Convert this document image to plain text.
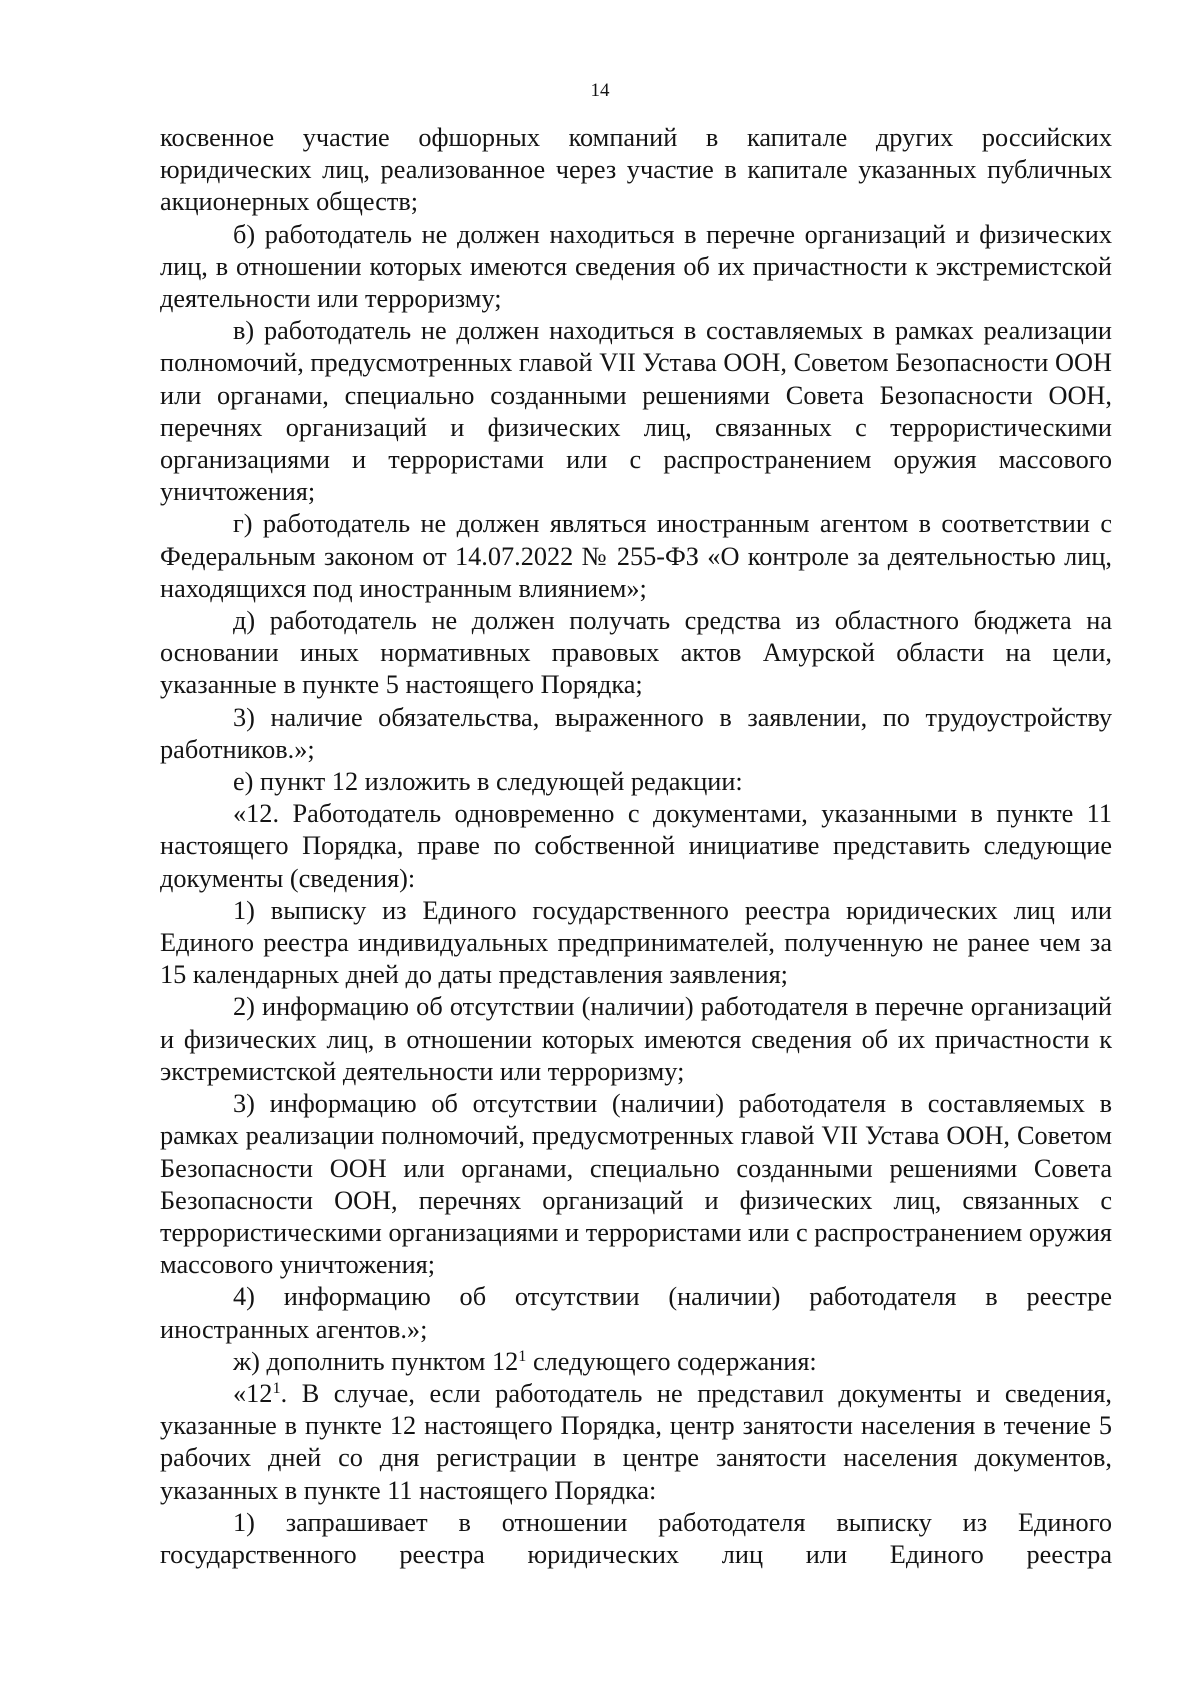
14

косвенное участие офшорных компаний в капитале других российских юридических лиц, реализованное через участие в капитале указанных публичных акционерных обществ;

б) работодатель не должен находиться в перечне организаций и физических лиц, в отношении которых имеются сведения об их причастности к экстремистской деятельности или терроризму;

в) работодатель не должен находиться в составляемых в рамках реализации полномочий, предусмотренных главой VII Устава ООН, Советом Безопасности ООН или органами, специально созданными решениями Совета Безопасности ООН, перечнях организаций и физических лиц, связанных с террористическими организациями и террористами или с распространением оружия массового уничтожения;

г) работодатель не должен являться иностранным агентом в соответствии с Федеральным законом от 14.07.2022 № 255-ФЗ «О контроле за деятельностью лиц, находящихся под иностранным влиянием»;

д) работодатель не должен получать средства из областного бюджета на основании иных нормативных правовых актов Амурской области на цели, указанные в пункте 5 настоящего Порядка;

3) наличие обязательства, выраженного в заявлении, по трудоустройству работников.»;

е) пункт 12 изложить в следующей редакции:

«12. Работодатель одновременно с документами, указанными в пункте 11 настоящего Порядка, праве по собственной инициативе представить следующие документы (сведения):

1) выписку из Единого государственного реестра юридических лиц или Единого реестра индивидуальных предпринимателей, полученную не ранее чем за 15 календарных дней до даты представления заявления;

2) информацию об отсутствии (наличии) работодателя в перечне организаций и физических лиц, в отношении которых имеются сведения об их причастности к экстремистской деятельности или терроризму;

3) информацию об отсутствии (наличии) работодателя в составляемых в рамках реализации полномочий, предусмотренных главой VII Устава ООН, Советом Безопасности ООН или органами, специально созданными решениями Совета Безопасности ООН, перечнях организаций и физических лиц, связанных с террористическими организациями и террористами или с распространением оружия массового уничтожения;

4) информацию об отсутствии (наличии) работодателя в реестре иностранных агентов.»;

ж) дополнить пунктом $12^1$ следующего содержания:

«$12^1$. В случае, если работодатель не представил документы и сведения, указанные в пункте 12 настоящего Порядка, центр занятости населения в течение 5 рабочих дней со дня регистрации в центре занятости населения документов, указанных в пункте 11 настоящего Порядка:

1) запрашивает в отношении работодателя выписку из Единого государственного реестра юридических лиц или Единого реестра
